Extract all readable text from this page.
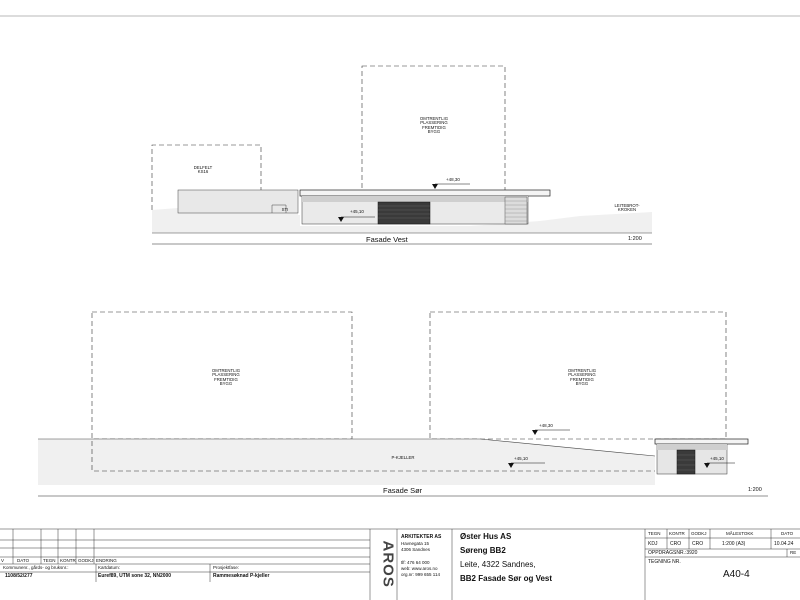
OMTRENTLIG
PLASSERING
FREMTIDIG
BYGG
DELFELT
KS16
STI
LEITEBROT-
KROKEN
+48,30
+45,10
Fasade Vest	1:200
OMTRENTLIG
PLASSERING
FREMTIDIG
BYGG
OMTRENTLIG
PLASSERING
FREMTIDIG
BYGG
P-KJELLER
+48,30
+45,10	+45,10
Fasade Sør	1:200
V	DATO	TEGN KONTR GODKJ ENDRING
Kommunenr., gårds- og bruksnr.:
1108/52/277
Kartdatum:
Euref89, UTM sone 32, NN2000
Prosjektfase:
Rammesøknad P-kjeller	AROS
ARKITEKTER AS
Havnegata 15
4306 Sandnes
tlf: 476 64 000
web: www.aros.no
org.nr: 999 655 114
Øster Hus AS
Søreng BB2
Leite, 4322 Sandnes,
BB2 Fasade Sør og Vest
TEGN KONTR GODKJ	MÅLESTOKK	DATO
KDJ	CRO CRO	1:200 (A3)	10.04.24
OPPDRAGSNR.:3920	RE
TEGNING NR.
A40-4
